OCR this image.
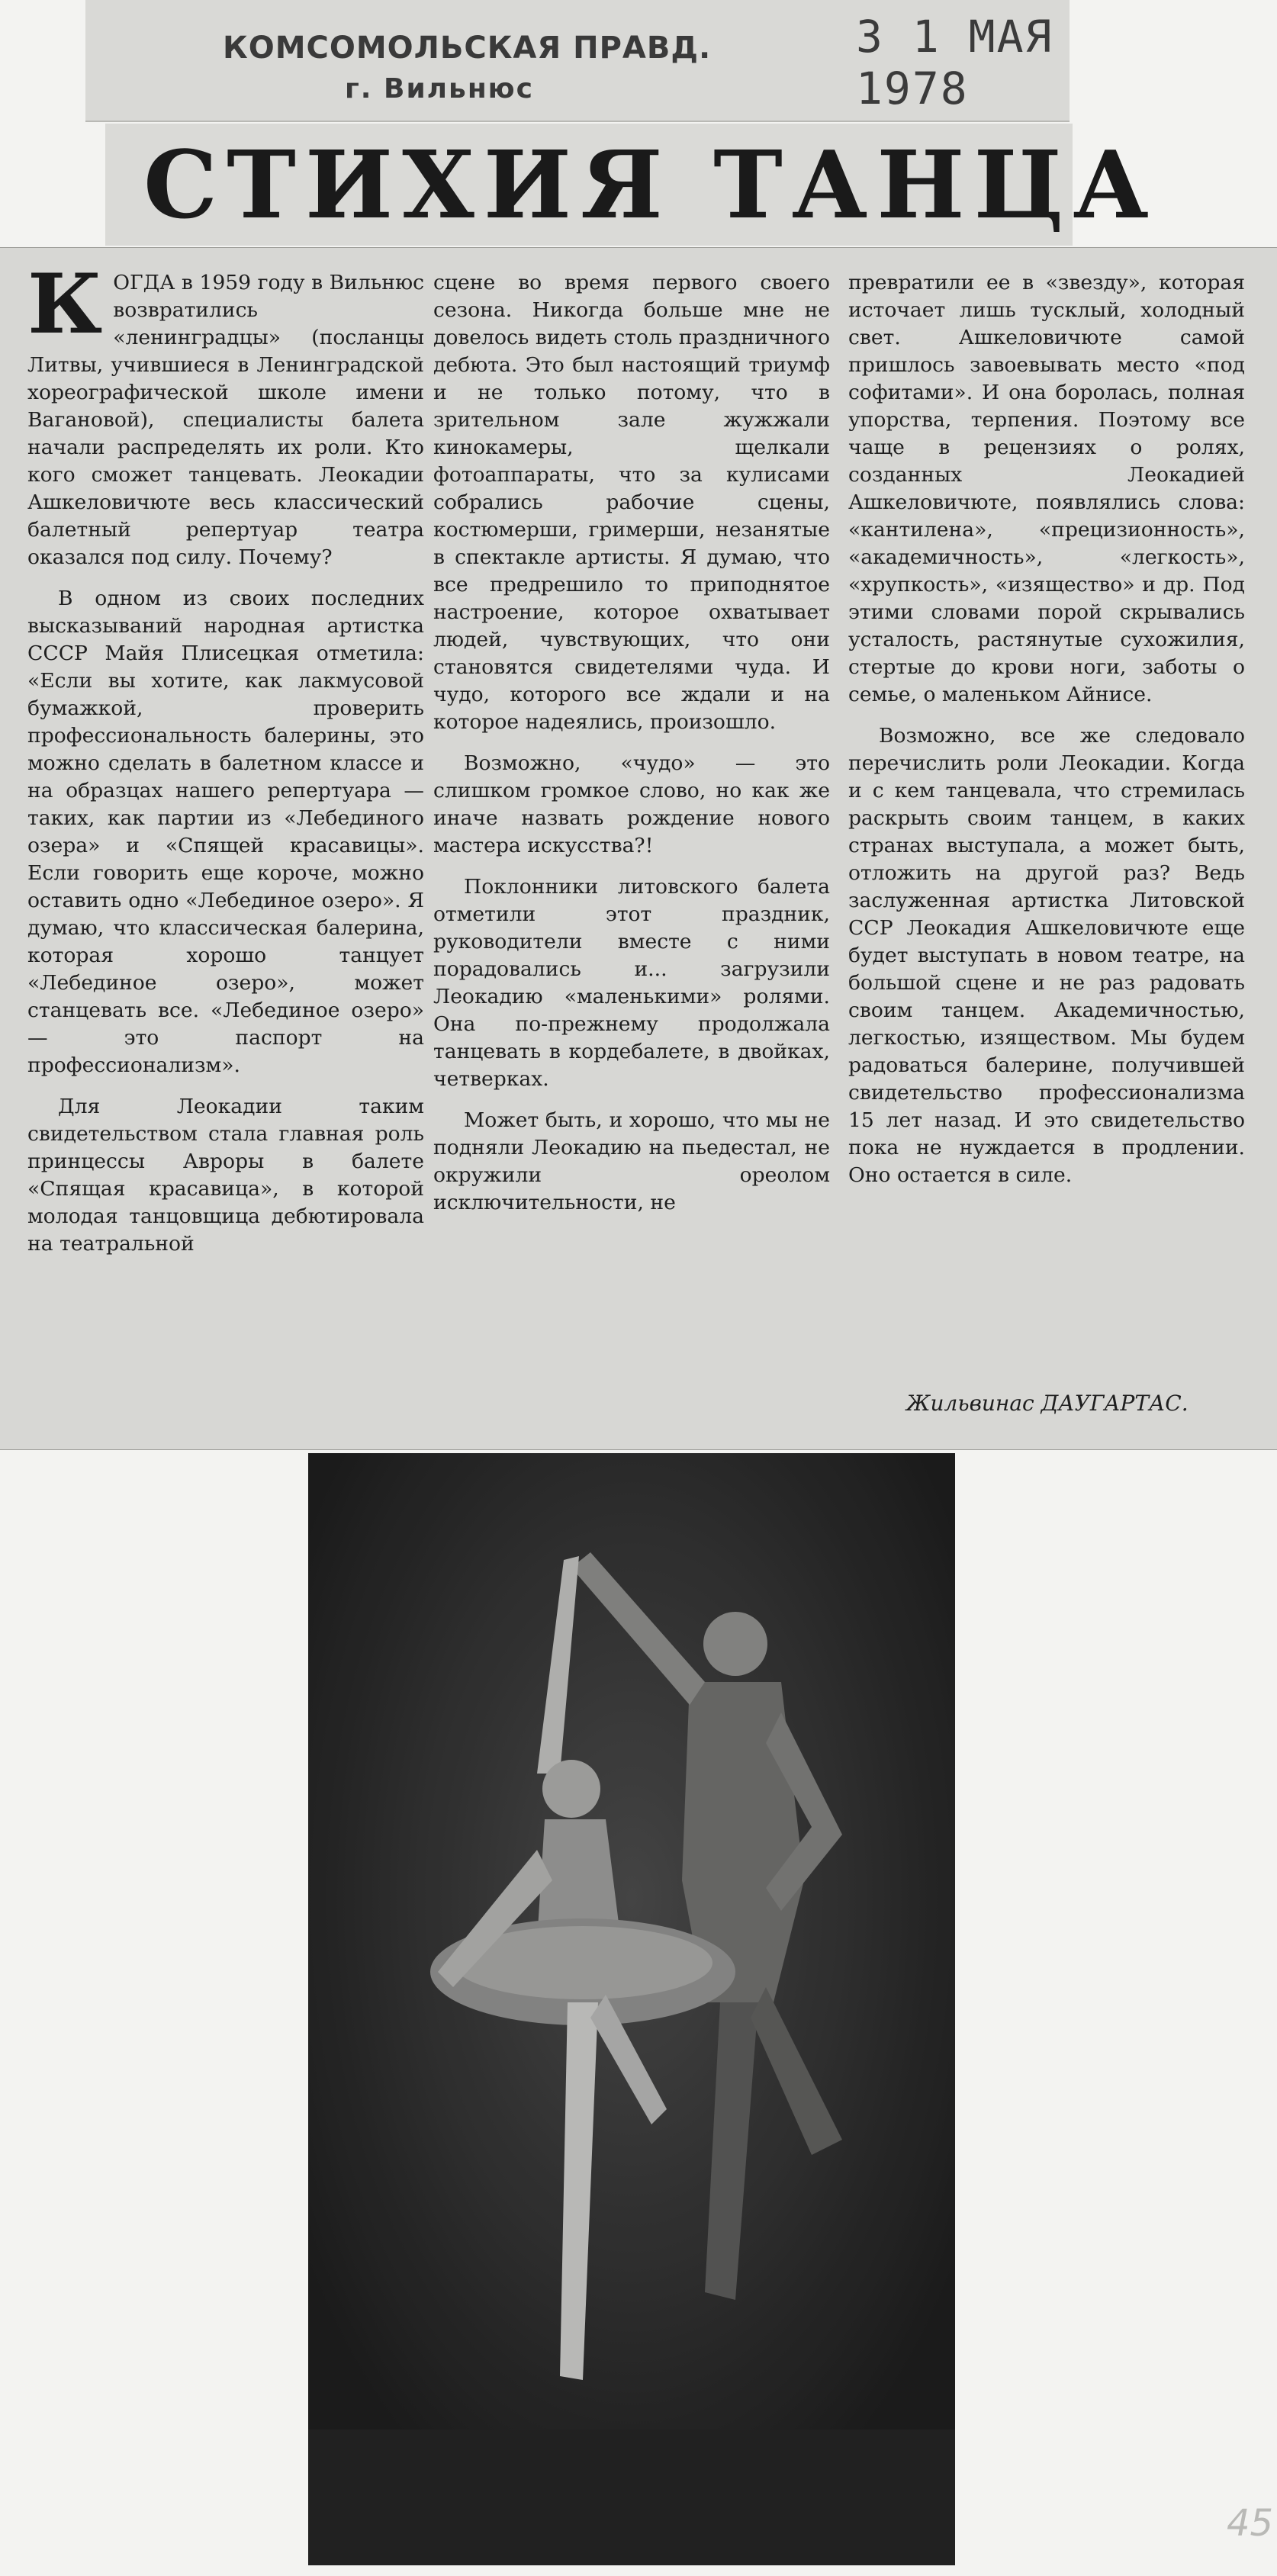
КОМСОМОЛЬСКАЯ ПРАВД.
г. Вильнюс
3 1 МАЯ 1978
СТИХИЯ ТАНЦА

КОГДА в 1959 году в Вильнюс возвратились «ленинградцы» (посланцы Литвы, учившиеся в Ленинградской хореографической школе имени Вагановой), специалисты балета начали распределять их роли. Кто кого сможет танцевать. Леокадии Ашкеловичюте весь классический балетный репертуар театра оказался под силу. Почему?

В одном из своих последних высказываний народная артистка СССР Майя Плисецкая отметила: «Если вы хотите, как лакмусовой бумажкой, проверить профессиональность балерины, это можно сделать в балетном классе и на образцах нашего репертуара — таких, как партии из «Лебединого озера» и «Спящей красавицы». Если говорить еще короче, можно оставить одно «Лебединое озеро». Я думаю, что классическая балерина, которая хорошо танцует «Лебединое озеро», может станцевать все. «Лебединое озеро» — это паспорт на профессионализм».

Для Леокадии таким свидетельством стала главная роль принцессы Авроры в балете «Спящая красавица», в которой молодая танцовщица дебютировала на театральной

сцене во время первого своего сезона. Никогда больше мне не довелось видеть столь праздничного дебюта. Это был настоящий триумф и не только потому, что в зрительном зале жужжали кинокамеры, щелкали фотоаппараты, что за кулисами собрались рабочие сцены, костюмерши, гримерши, незанятые в спектакле артисты. Я думаю, что все предрешило то приподнятое настроение, которое охватывает людей, чувствующих, что они становятся свидетелями чуда. И чудо, которого все ждали и на которое надеялись, произошло.

Возможно, «чудо» — это слишком громкое слово, но как же иначе назвать рождение нового мастера искусства?!

Поклонники литовского балета отметили этот праздник, руководители вместе с ними порадовались и... загрузили Леокадию «маленькими» ролями. Она по-прежнему продолжала танцевать в кордебалете, в двойках, четверках.

Может быть, и хорошо, что мы не подняли Леокадию на пьедестал, не окружили ореолом исключительности, не

превратили ее в «звезду», которая источает лишь тусклый, холодный свет. Ашкеловичюте самой пришлось завоевывать место «под софитами». И она боролась, полная упорства, терпения. Поэтому все чаще в рецензиях о ролях, созданных Леокадией Ашкеловичюте, появлялись слова: «кантилена», «прецизионность», «академичность», «легкость», «хрупкость», «изящество» и др. Под этими словами порой скрывались усталость, растянутые сухожилия, стертые до крови ноги, заботы о семье, о маленьком Айнисе.

Возможно, все же следовало перечислить роли Леокадии. Когда и с кем танцевала, что стремилась раскрыть своим танцем, в каких странах выступала, а может быть, отложить на другой раз? Ведь заслуженная артистка Литовской ССР Леокадия Ашкеловичюте еще будет выступать в новом театре, на большой сцене и не раз радовать своим танцем. Академичностью, легкостью, изяществом. Мы будем радоваться балерине, получившей свидетельство профессионализма 15 лет назад. И это свидетельство пока не нуждается в продлении. Оно остается в силе.

Жильвинас ДАУГАРТАС.
45
